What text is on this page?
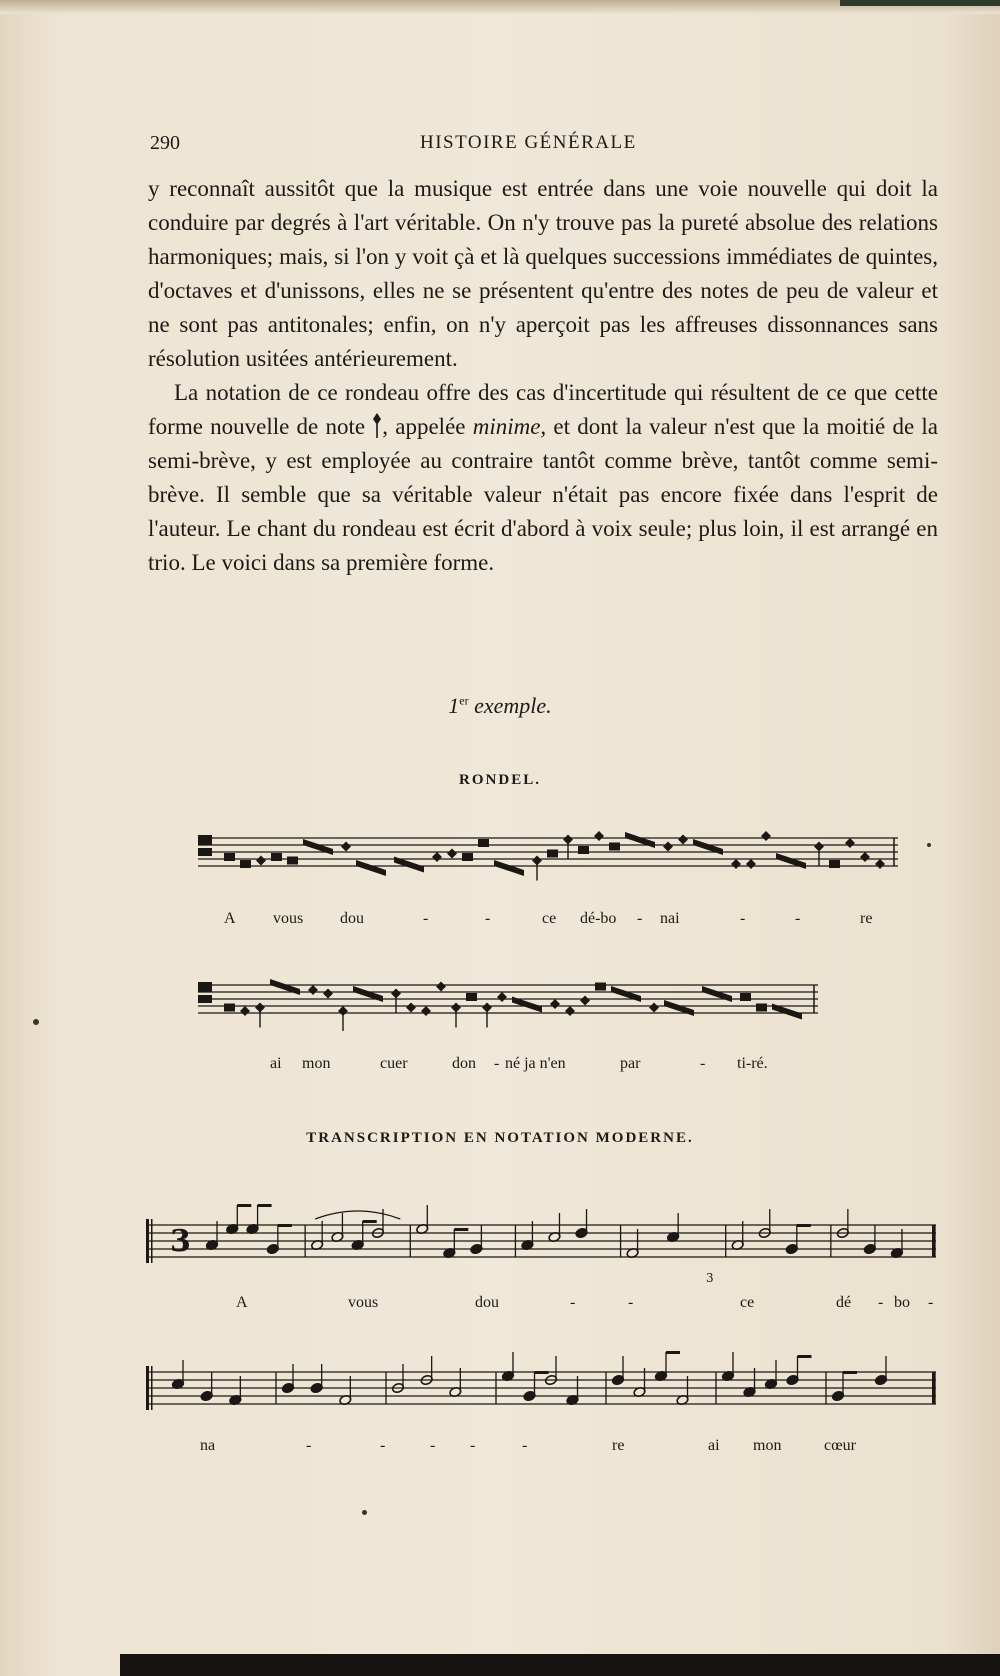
290	HISTOIRE GÉNÉRALE

y reconnaît aussitôt que la musique est entrée dans une voie nouvelle qui doit la conduire par degrés à l'art véritable. On n'y trouve pas la pureté absolue des relations harmoniques; mais, si l'on y voit çà et là quelques successions immédiates de quintes, d'octaves et d'unissons, elles ne se présentent qu'entre des notes de peu de valeur et ne sont pas antitonales; enfin, on n'y aperçoit pas les affreuses dissonnances sans résolution usitées antérieurement.

La notation de ce rondeau offre des cas d'incertitude qui résultent de ce que cette forme nouvelle de note , appelée minime, et dont la valeur n'est que la moitié de la semi-brève, y est employée au contraire tantôt comme brève, tantôt comme semi-brève. Il semble que sa véritable valeur n'était pas encore fixée dans l'esprit de l'auteur. Le chant du rondeau est écrit d'abord à voix seule; plus loin, il est arrangé en trio. Le voici dans sa première forme.

1er exemple.
RONDEL.
TRANSCRIPTION EN NOTATION MODERNE.
3
3
A vous dou	-	-	ce dé-bo - nai	-	-	re
ai mon	cuer	don - né ja n'en	par	- ti-ré.
A	vous	dou	-	-	ce	dé - bo -
na	-	-	- -	-	re	ai mon	cœur
